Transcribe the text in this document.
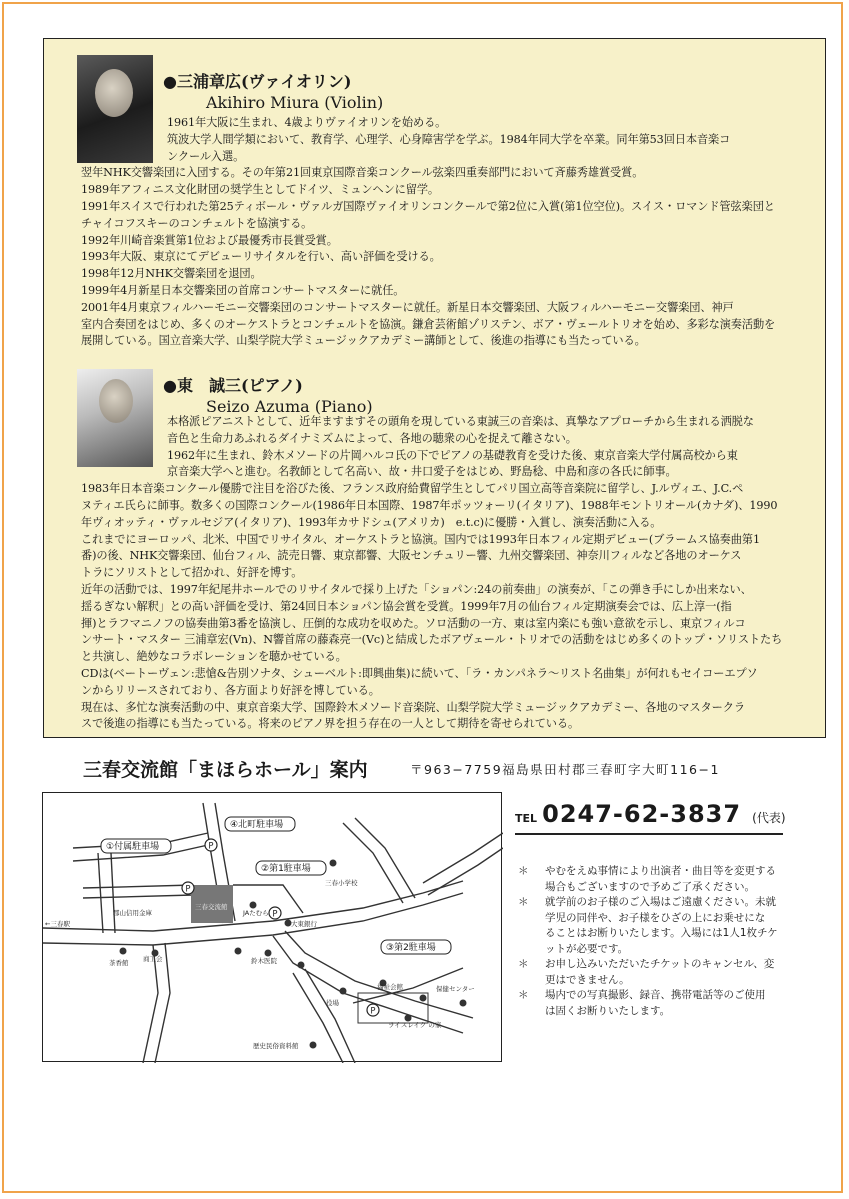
●三浦章広(ヴァイオリン)
Akihiro Miura (Violin)
1961年大阪に生まれ、4歳よりヴァイオリンを始める。
筑波大学人間学類において、教育学、心理学、心身障害学を学ぶ。1984年同大学を卒業。同年第53回日本音楽コ
ンクール入選。
翌年NHK交響楽団に入団する。その年第21回東京国際音楽コンクール弦楽四重奏部門において斉藤秀雄賞受賞。
1989年アフィニス文化財団の奨学生としてドイツ、ミュンヘンに留学。
1991年スイスで行われた第25ティボール・ヴァルガ国際ヴァイオリンコンクールで第2位に入賞(第1位空位)。スイス・ロマンド管弦楽団と
チャイコフスキーのコンチェルトを協演する。
1992年川崎音楽賞第1位および最優秀市長賞受賞。
1993年大阪、東京にてデビューリサイタルを行い、高い評価を受ける。
1998年12月NHK交響楽団を退団。
1999年4月新星日本交響楽団の首席コンサートマスターに就任。
2001年4月東京フィルハーモニー交響楽団のコンサートマスターに就任。新星日本交響楽団、大阪フィルハーモニー交響楽団、神戸
室内合奏団をはじめ、多くのオーケストラとコンチェルトを協演。鎌倉芸術館ゾリステン、ボア・ヴェールトリオを始め、多彩な演奏活動を
展開している。国立音楽大学、山梨学院大学ミュージックアカデミー講師として、後進の指導にも当たっている。
●東　誠三(ピアノ)
Seizo Azuma (Piano)
本格派ピアニストとして、近年ますますその頭角を現している東誠三の音楽は、真摯なアプローチから生まれる洒脱な
音色と生命力あふれるダイナミズムによって、各地の聴衆の心を捉えて離さない。
1962年に生まれ、鈴木メソードの片岡ハルコ氏の下でピアノの基礎教育を受けた後、東京音楽大学付属高校から東
京音楽大学へと進む。名教師として名高い、故・井口愛子をはじめ、野島稔、中島和彦の各氏に師事。
1983年日本音楽コンクール優勝で注目を浴びた後、フランス政府給費留学生としてパリ国立高等音楽院に留学し、J.ルヴィエ、J.C.ペ
ヌティエ氏らに師事。数多くの国際コンクール(1986年日本国際、1987年ポッツォーリ(イタリア)、1988年モントリオール(カナダ)、1990
年ヴィオッティ・ヴァルセジア(イタリア)、1993年カサドシュ(アメリカ)　e.t.c)に優勝・入賞し、演奏活動に入る。
これまでにヨーロッパ、北米、中国でリサイタル、オーケストラと協演。国内では1993年日本フィル定期デビュー(ブラームス協奏曲第1
番)の後、NHK交響楽団、仙台フィル、読売日響、東京都響、大阪センチュリー響、九州交響楽団、神奈川フィルなど各地のオーケス
トラにソリストとして招かれ、好評を博す。
近年の活動では、1997年紀尾井ホールでのリサイタルで採り上げた「ショパン:24の前奏曲」の演奏が、「この弾き手にしか出来ない、
揺るぎない解釈」との高い評価を受け、第24回日本ショパン協会賞を受賞。1999年7月の仙台フィル定期演奏会では、広上淳一(指
揮)とラフマニノフの協奏曲第3番を協演し、圧倒的な成功を収めた。ソロ活動の一方、東は室内楽にも強い意欲を示し、東京フィルコ
ンサート・マスター 三浦章宏(Vn)、N響首席の藤森亮一(Vc)と結成したボアヴェール・トリオでの活動をはじめ多くのトップ・ソリストたち
と共演し、絶妙なコラボレーションを聴かせている。
CDは(ベートーヴェン:悲愴&告別ソナタ、シューベルト:即興曲集)に続いて、「ラ・カンパネラ〜リスト名曲集」が何れもセイコーエプソ
ンからリリースされており、各方面より好評を博している。
現在は、多忙な演奏活動の中、東京音楽大学、国際鈴木メソード音楽院、山梨学院大学ミュージックアカデミー、各地のマスタークラ
スで後進の指導にも当たっている。将来のピアノ界を担う存在の一人として期待を寄せられている。
三春交流館「まほらホール」案内	〒963−7759福島県田村郡三春町字大町116−1
P
P
P
P
④北町駐車場
①付属駐車場
②第1駐車場
③第2駐車場
三春小学校
←三春駅
郡山信用金庫
三春交流館
JAたむら
大東銀行
鈴木医院
茶香館 商工会
福祉会館	保健センター
役場
ライスレイク の家
歴史民俗資料館
TEL 0247-62-3837 (代表)
＊ やむをえぬ事情により出演者・曲目等を変更する
場合もございますので予めご了承ください。
＊ 就学前のお子様のご入場はご遠慮ください。未就
学児の同伴や、お子様をひざの上にお乗せにな
ることはお断りいたします。入場には1人1枚チケ
ットが必要です。
＊ お申し込みいただいたチケットのキャンセル、変
更はできません。
＊ 場内での写真撮影、録音、携帯電話等のご使用
は固くお断りいたします。
